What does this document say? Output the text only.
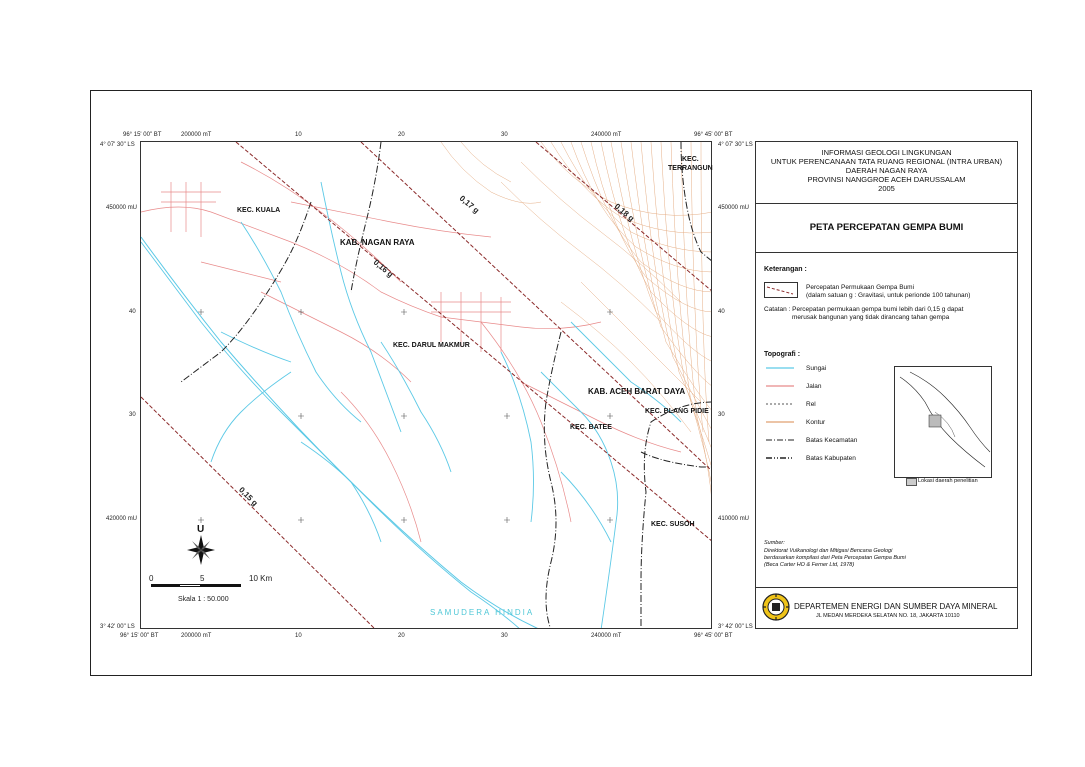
96° 15' 00" BT	200000 mT	10	20	30	240000 mT	96° 45' 00" BT
4° 07' 30" LS	4° 07' 30" LS
450000 mU	450000 mU
40	40
30	30
420000 mU	410000 mU
3° 42' 00" LS	3° 42' 00" LS
96° 15' 00" BT	200000 mT	10	20	30	240000 mT	96° 45' 00" BT
KEC.
TERRANGUN
KEC. KUALA
KAB. NAGAN RAYA
KEC. DARUL MAKMUR
KAB. ACEH BARAT DAYA
KEC. BLANG PIDIE
KEC. BATEE
KEC. SUSOH
SAMUDERA HINDIA
0,17 g	0,18 g
0,16 g
0,15 g
U
0	5	10 Km
Skala 1 : 50.000
INFORMASI GEOLOGI LINGKUNGAN
UNTUK PERENCANAAN TATA RUANG REGIONAL (INTRA URBAN)
DAERAH NAGAN RAYA
PROVINSI NANGGROE ACEH DARUSSALAM
2005
PETA PERCEPATAN GEMPA BUMI
Keterangan :
Percepatan Permukaan Gempa Bumi
(dalam satuan g : Gravitasi, untuk perionde 100 tahunan)
Catatan : Percepatan permukaan gempa bumi lebih dari 0,15 g dapat
merusak bangunan yang tidak dirancang tahan gempa
Topografi :
Sungai
Jalan
Rel
Kontur
Batas Kecamatan
Batas Kabupaten
Lokasi daerah penelitian
Sumber:
Direktorat Vulkanologi dan Mitigasi Bencana Geologi
berdasarkan kompilasi dari Peta Percepatan Gempa Bumi
(Beca Carter HO & Ferner Ltd, 1978)
DEPARTEMEN ENERGI DAN SUMBER DAYA MINERAL
JL MEDAN MERDEKA SELATAN NO. 18, JAKARTA 10110
